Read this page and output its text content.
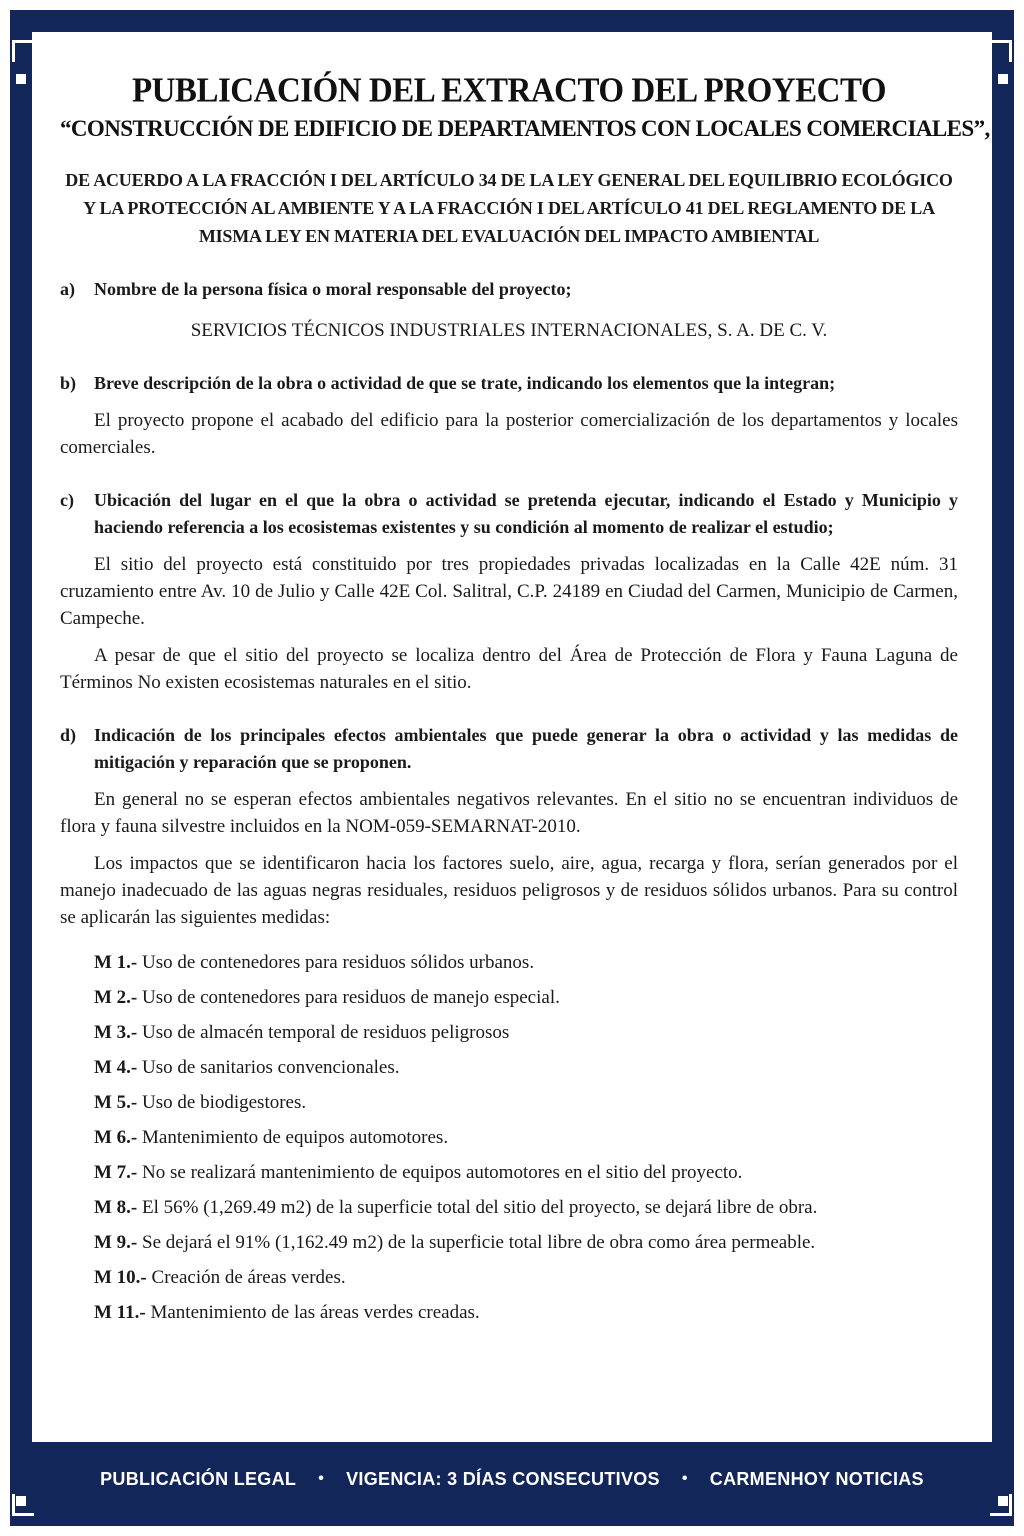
PUBLICACIÓN DEL EXTRACTO DEL PROYECTO
“CONSTRUCCIÓN DE EDIFICIO DE DEPARTAMENTOS CON LOCALES COMERCIALES”,

DE ACUERDO A LA FRACCIÓN I DEL ARTÍCULO 34 DE LA LEY GENERAL DEL EQUILIBRIO ECOLÓGICO Y LA PROTECCIÓN AL AMBIENTE Y A LA FRACCIÓN I DEL ARTÍCULO 41 DEL REGLAMENTO DE LA MISMA LEY EN MATERIA DEL EVALUACIÓN DEL IMPACTO AMBIENTAL

a)	Nombre de la persona física o moral responsable del proyecto;

SERVICIOS TÉCNICOS INDUSTRIALES INTERNACIONALES, S. A. DE C. V.

b) Breve descripción de la obra o actividad de que se trate, indicando los elementos que la integran;

El proyecto propone el acabado del edificio para la posterior comercialización de los departamentos y locales comerciales.

c)	Ubicación del lugar en el que la obra o actividad se pretenda ejecutar, indicando el Estado y Municipio y haciendo referencia a los ecosistemas existentes y su condición al momento de realizar el estudio;

El sitio del proyecto está constituido por tres propiedades privadas localizadas en la Calle 42E núm. 31 cruzamiento entre Av. 10 de Julio y Calle 42E Col. Salitral, C.P. 24189 en Ciudad del Carmen, Municipio de Carmen, Campeche.

A pesar de que el sitio del proyecto se localiza dentro del Área de Protección de Flora y Fauna Laguna de Términos No existen ecosistemas naturales en el sitio.

d) Indicación de los principales efectos ambientales que puede generar la obra o actividad y las medidas de mitigación y reparación que se proponen.

En general no se esperan efectos ambientales negativos relevantes. En el sitio no se encuentran individuos de flora y fauna silvestre incluidos en la NOM-059-SEMARNAT-2010.

Los impactos que se identificaron hacia los factores suelo, aire, agua, recarga y flora, serían generados por el manejo inadecuado de las aguas negras residuales, residuos peligrosos y de residuos sólidos urbanos. Para su control se aplicarán las siguientes medidas:

M 1.- Uso de contenedores para residuos sólidos urbanos.
M 2.- Uso de contenedores para residuos de manejo especial.
M 3.- Uso de almacén temporal de residuos peligrosos
M 4.- Uso de sanitarios convencionales.
M 5.- Uso de biodigestores.
M 6.- Mantenimiento de equipos automotores.
M 7.- No se realizará mantenimiento de equipos automotores en el sitio del proyecto.
M 8.- El 56% (1,269.49 m2) de la superficie total del sitio del proyecto, se dejará libre de obra.
M 9.- Se dejará el 91% (1,162.49 m2) de la superficie total libre de obra como área permeable.
M 10.- Creación de áreas verdes.
M 11.- Mantenimiento de las áreas verdes creadas.
PUBLICACIÓN LEGAL • VIGENCIA: 3 DÍAS CONSECUTIVOS • CARMENHOY NOTICIAS
